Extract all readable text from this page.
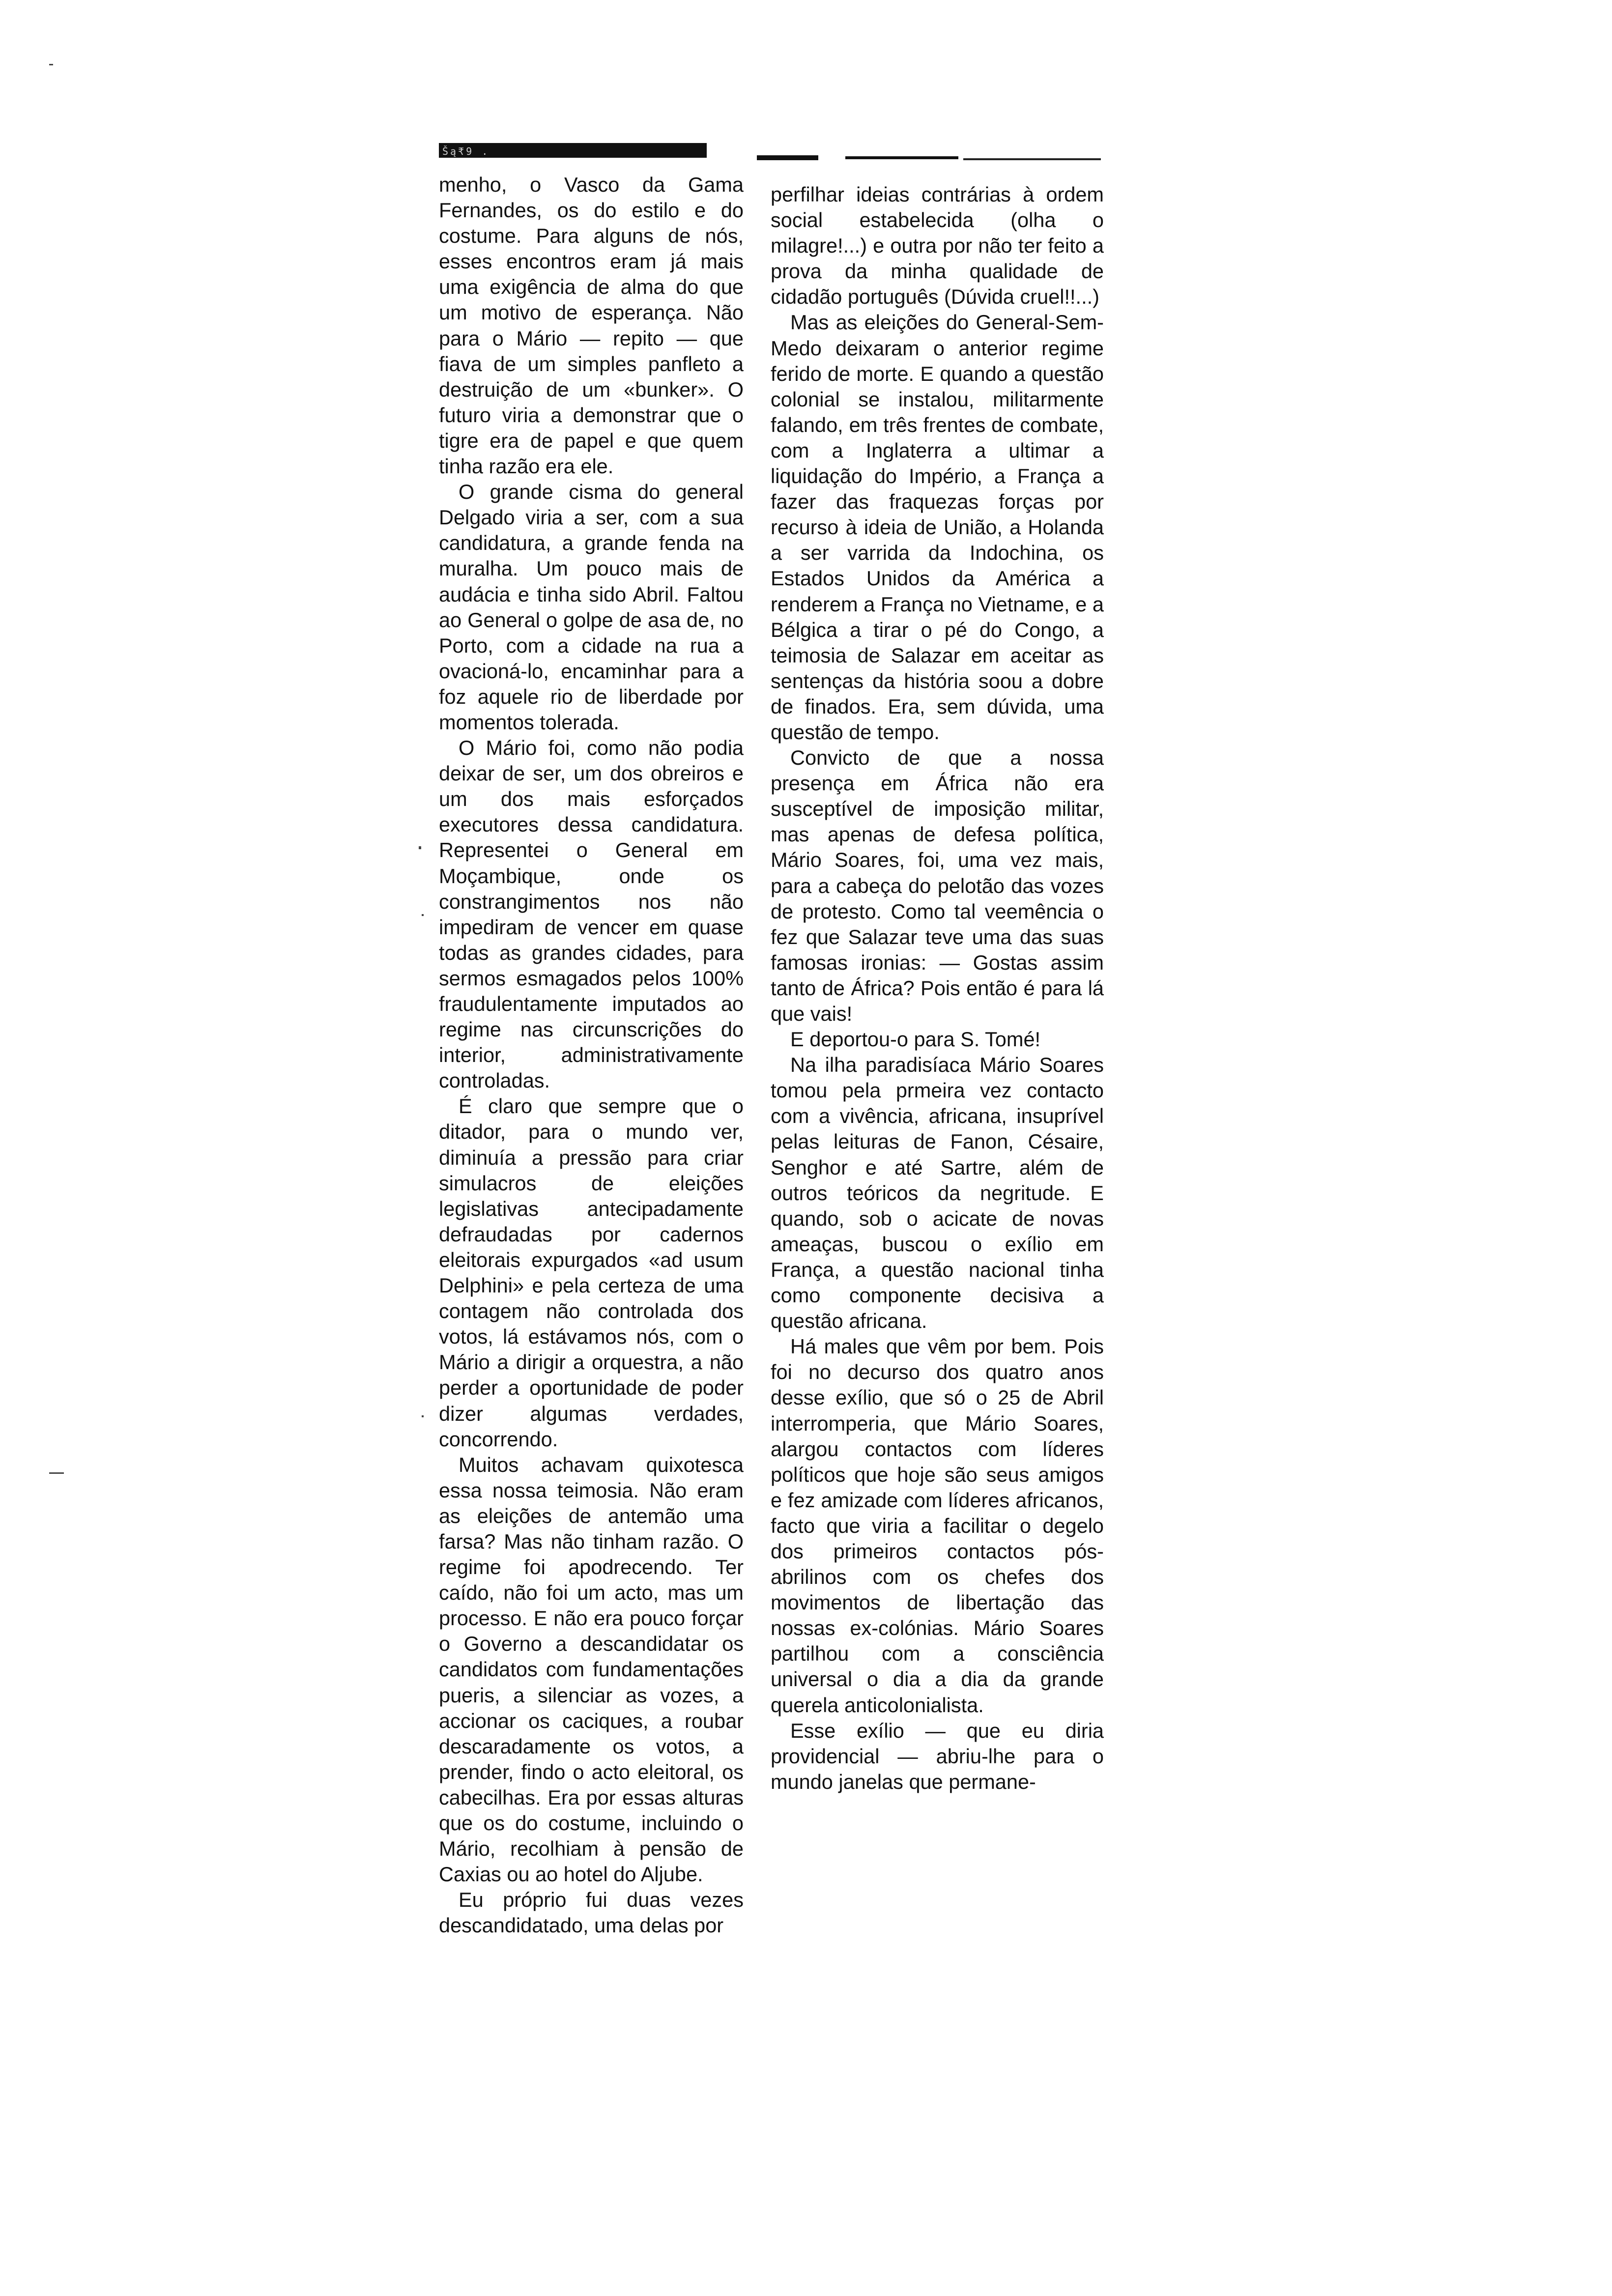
Šą₹9 .

menho, o Vasco da Gama Fernandes, os do estilo e do costume. Para alguns de nós, esses encontros eram já mais uma exigência de alma do que um motivo de esperança. Não para o Mário — repito — que fiava de um simples panfleto a destruição de um «bunker». O futuro viria a demonstrar que o tigre era de papel e que quem tinha razão era ele.

O grande cisma do general Delgado viria a ser, com a sua candidatura, a grande fenda na muralha. Um pouco mais de audácia e tinha sido Abril. Faltou ao General o golpe de asa de, no Porto, com a cidade na rua a ovacioná-lo, encaminhar para a foz aquele rio de liberdade por momentos tolerada.

O Mário foi, como não podia deixar de ser, um dos obreiros e um dos mais esforçados executores dessa candidatura. Representei o General em Moçambique, onde os constrangimentos nos não impediram de vencer em quase todas as grandes cidades, para sermos esmagados pelos 100% fraudulentamente imputados ao regime nas circunscrições do interior, administrativamente controladas.

É claro que sempre que o ditador, para o mundo ver, diminuía a pressão para criar simulacros de eleições legislativas antecipadamente defraudadas por cadernos eleitorais expurgados «ad usum Delphini» e pela certeza de uma contagem não controlada dos votos, lá estávamos nós, com o Mário a dirigir a orquestra, a não perder a oportunidade de poder dizer algumas verdades, concorrendo.

Muitos achavam quixotesca essa nossa teimosia. Não eram as eleições de antemão uma farsa? Mas não tinham razão. O regime foi apodrecendo. Ter caído, não foi um acto, mas um processo. E não era pouco forçar o Governo a descandidatar os candidatos com fundamentações pueris, a silenciar as vozes, a accionar os caciques, a roubar descaradamente os votos, a prender, findo o acto eleitoral, os cabecilhas. Era por essas alturas que os do costume, incluindo o Mário, recolhiam à pensão de Caxias ou ao hotel do Aljube.

Eu próprio fui duas vezes descandidatado, uma delas por

perfilhar ideias contrárias à ordem social estabelecida (olha o milagre!...) e outra por não ter feito a prova da minha qualidade de cidadão português (Dúvida cruel!!...)

Mas as eleições do General-Sem-Medo deixaram o anterior regime ferido de morte. E quando a questão colonial se instalou, militarmente falando, em três frentes de combate, com a Inglaterra a ultimar a liquidação do Império, a França a fazer das fraquezas forças por recurso à ideia de União, a Holanda a ser varrida da Indochina, os Estados Unidos da América a renderem a França no Vietname, e a Bélgica a tirar o pé do Congo, a teimosia de Salazar em aceitar as sentenças da história soou a dobre de finados. Era, sem dúvida, uma questão de tempo.

Convicto de que a nossa presença em África não era susceptível de imposição militar, mas apenas de defesa política, Mário Soares, foi, uma vez mais, para a cabeça do pelotão das vozes de protesto. Como tal veemência o fez que Salazar teve uma das suas famosas ironias: — Gostas assim tanto de África? Pois então é para lá que vais!

E deportou-o para S. Tomé!

Na ilha paradisíaca Mário Soares tomou pela prmeira vez contacto com a vivência, africana, insuprível pelas leituras de Fanon, Césaire, Senghor e até Sartre, além de outros teóricos da negritude. E quando, sob o acicate de novas ameaças, buscou o exílio em França, a questão nacional tinha como componente decisiva a questão africana.

Há males que vêm por bem. Pois foi no decurso dos quatro anos desse exílio, que só o 25 de Abril interromperia, que Mário Soares, alargou contactos com líderes políticos que hoje são seus amigos e fez amizade com líderes africanos, facto que viria a facilitar o degelo dos primeiros contactos pós-abrilinos com os chefes dos movimentos de libertação das nossas ex-colónias. Mário Soares partilhou com a consciência universal o dia a dia da grande querela anticolonialista.

Esse exílio — que eu diria providencial — abriu-lhe para o mundo janelas que permane-
